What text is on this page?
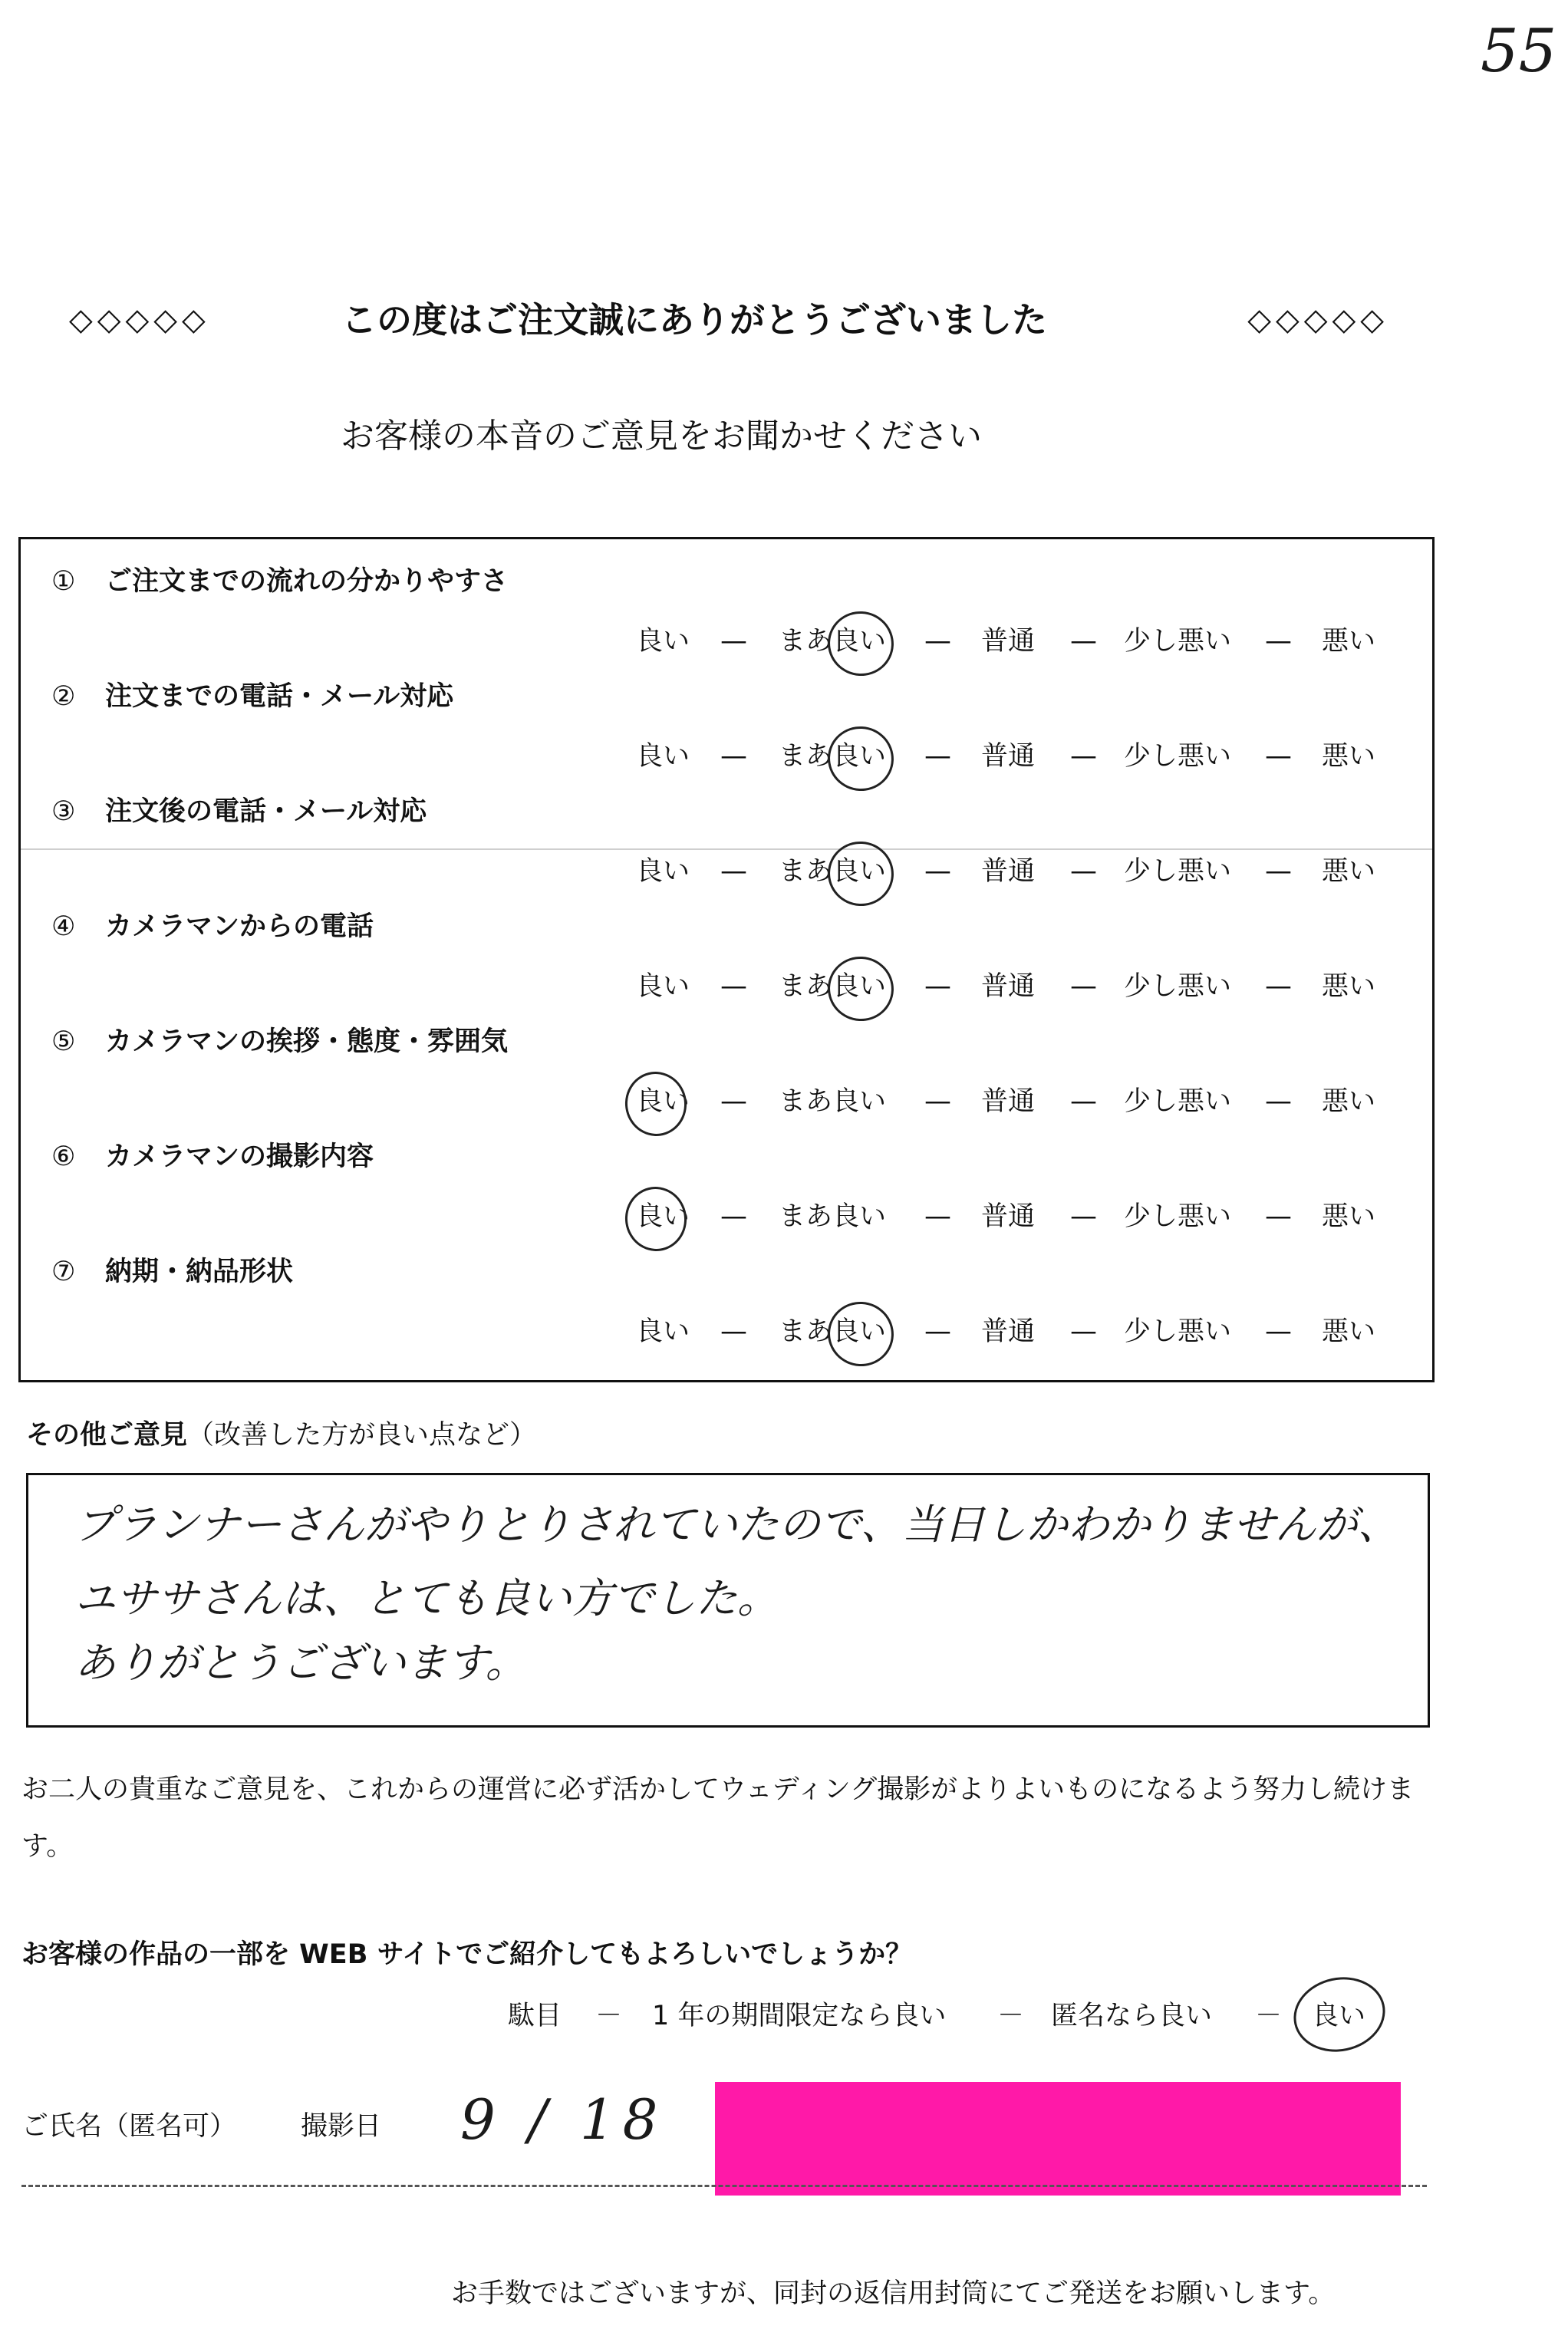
55
◇◇◇◇◇	この度はご注文誠にありがとうございました	◇◇◇◇◇
お客様の本音のご意見をお聞かせください
① ご注文までの流れの分かりやすさ
良い — まあ良い — 普通 — 少し悪い — 悪い
② 注文までの電話・メール対応
良い — まあ良い — 普通 — 少し悪い — 悪い
③ 注文後の電話・メール対応
良い — まあ良い — 普通 — 少し悪い — 悪い
④ カメラマンからの電話
良い — まあ良い — 普通 — 少し悪い — 悪い
⑤ カメラマンの挨拶・態度・雰囲気
良い — まあ良い — 普通 — 少し悪い — 悪い
⑥ カメラマンの撮影内容
良い — まあ良い — 普通 — 少し悪い — 悪い
⑦ 納期・納品形状
良い — まあ良い — 普通 — 少し悪い — 悪い
その他ご意見（改善した方が良い点など）
プランナーさんがやりとりされていたので、当日しかわかりませんが、
ユササさんは、とても良い方でした。
ありがとうございます。
お二人の貴重なご意見を、これからの運営に必ず活かしてウェディング撮影がよりよいものになるよう努力し続けます。
お客様の作品の一部を WEB サイトでご紹介してもよろしいでしょうか？
駄目 － 1 年の期間限定なら良い － 匿名なら良い － 良い
ご氏名（匿名可） 撮影日 9 / 18
お手数ではございますが、同封の返信用封筒にてご発送をお願いします。
